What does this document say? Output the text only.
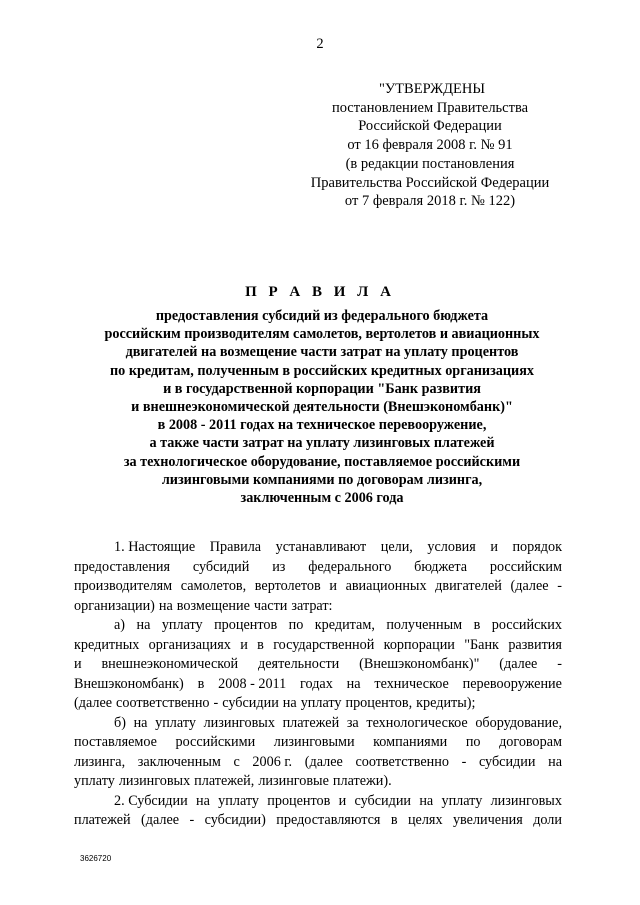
2
"УТВЕРЖДЕНЫ
постановлением Правительства
Российской Федерации
от 16 февраля 2008 г. № 91
(в редакции постановления
Правительства Российской Федерации
от 7 февраля 2018 г. № 122)
П Р А В И Л А
предоставления субсидий из федерального бюджета
российским производителям самолетов, вертолетов и авиационных
двигателей на возмещение части затрат на уплату процентов
по кредитам, полученным в российских кредитных организациях
и в государственной корпорации "Банк развития
и внешнеэкономической деятельности (Внешэкономбанк)"
в 2008 - 2011 годах на техническое перевооружение,
а также части затрат на уплату лизинговых платежей
за технологическое оборудование, поставляемое российскими
лизинговыми компаниями по договорам лизинга,
заключенным с 2006 года
1. Настоящие Правила устанавливают цели, условия и порядок
предоставления субсидий из федерального бюджета российским
производителям самолетов, вертолетов и авиационных двигателей (далее -
организации) на возмещение части затрат:
а) на уплату процентов по кредитам, полученным в российских
кредитных организациях и в государственной корпорации "Банк развития
и внешнеэкономической деятельности (Внешэкономбанк)" (далее -
Внешэкономбанк) в 2008 - 2011 годах на техническое перевооружение
(далее соответственно - субсидии на уплату процентов, кредиты);
б) на уплату лизинговых платежей за технологическое оборудование,
поставляемое российскими лизинговыми компаниями по договорам
лизинга, заключенным с 2006 г. (далее соответственно - субсидии на
уплату лизинговых платежей, лизинговые платежи).
2. Субсидии на уплату процентов и субсидии на уплату лизинговых
платежей (далее - субсидии) предоставляются в целях увеличения доли
3626720
